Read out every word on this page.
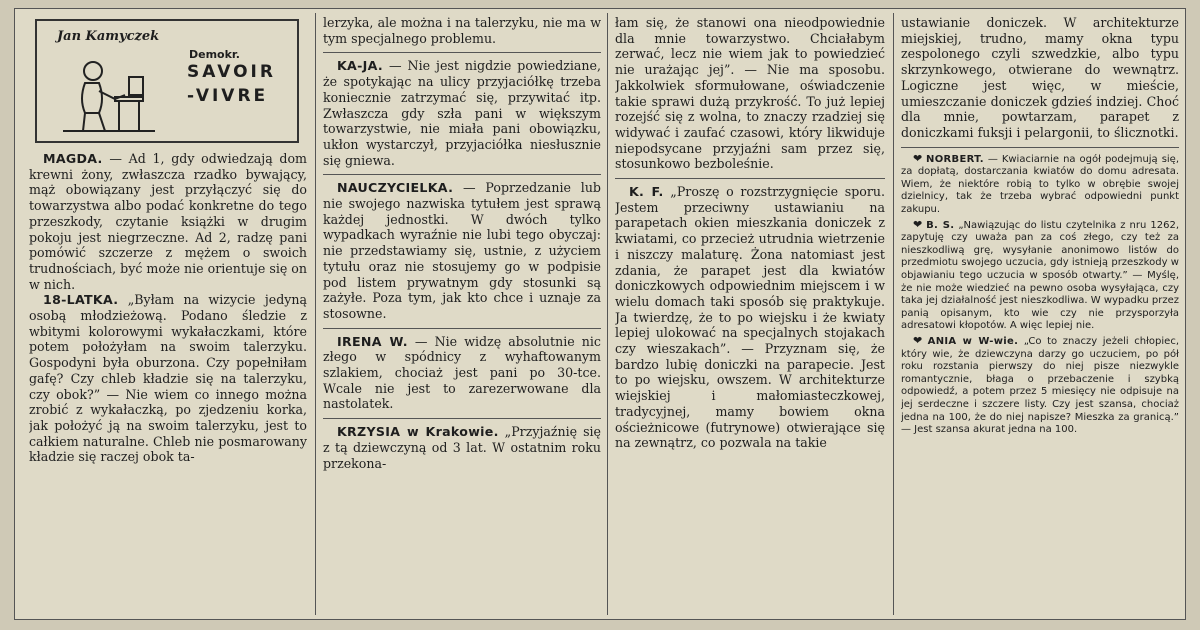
Jan Kamyczek
Demokr.
SAVOIR
-VIVRE

MAGDA. — Ad 1, gdy odwiedzają dom krewni żony, zwłaszcza rzadko bywający, mąż obowiązany jest przyłączyć się do towarzystwa albo podać konkretne do tego przeszkody, czytanie książki w drugim pokoju jest niegrzeczne. Ad 2, radzę pani pomówić szczerze z mężem o swoich trudnościach, być może nie orientuje się on w nich.

18-LATKA. „Byłam na wizycie jedyną osobą młodzieżową. Podano śledzie z wbitymi kolorowymi wykałaczkami, które potem położyłam na swoim talerzyku. Gospodyni była oburzona. Czy popełniłam gafę? Czy chleb kładzie się na talerzyku, czy obok?” — Nie wiem co innego można zrobić z wykałaczką, po zjedzeniu korka, jak położyć ją na swoim talerzyku, jest to całkiem naturalne. Chleb nie posmarowany kładzie się raczej obok ta-

lerzyka, ale można i na talerzyku, nie ma w tym specjalnego problemu.

KA-JA. — Nie jest nigdzie powiedziane, że spotykając na ulicy przyjaciółkę trzeba koniecznie zatrzymać się, przywitać itp. Zwłaszcza gdy szła pani w większym towarzystwie, nie miała pani obowiązku, ukłon wystarczył, przyjaciółka niesłusznie się gniewa.

NAUCZYCIELKA. — Poprzedzanie lub nie swojego nazwiska tytułem jest sprawą każdej jednostki. W dwóch tylko wypadkach wyraźnie nie lubi tego obyczaj: nie przedstawiamy się, ustnie, z użyciem tytułu oraz nie stosujemy go w podpisie pod listem prywatnym gdy stosunki są zażyłe. Poza tym, jak kto chce i uznaje za stosowne.

IRENA W. — Nie widzę absolutnie nic złego w spódnicy z wyhaftowanym szlakiem, chociaż jest pani po 30-tce. Wcale nie jest to zarezerwowane dla nastolatek.

KRZYSIA w Krakowie. „Przyjaźnię się z tą dziewczyną od 3 lat. W ostatnim roku przekona-

łam się, że stanowi ona nieodpowiednie dla mnie towarzystwo. Chciałabym zerwać, lecz nie wiem jak to powiedzieć nie urażając jej”. — Nie ma sposobu. Jakkolwiek sformułowane, oświadczenie takie sprawi dużą przykrość. To już lepiej rozejść się z wolna, to znaczy rzadziej się widywać i zaufać czasowi, który likwiduje niepodsycane przyjaźni sam przez się, stosunkowo bezboleśnie.

K. F. „Proszę o rozstrzygnięcie sporu. Jestem przeciwny ustawianiu na parapetach okien mieszkania doniczek z kwiatami, co przecież utrudnia wietrzenie i niszczy malaturę. Żona natomiast jest zdania, że parapet jest dla kwiatów doniczkowych odpowiednim miejscem i w wielu domach taki sposób się praktykuje. Ja twierdzę, że to po wiejsku i że kwiaty lepiej ulokować na specjalnych stojakach czy wieszakach”. — Przyznam się, że bardzo lubię doniczki na parapecie. Jest to po wiejsku, owszem. W architekturze wiejskiej i małomiasteczkowej, tradycyjnej, mamy bowiem okna ościeżnicowe (futrynowe) otwierające się na zewnątrz, co pozwala na takie

ustawianie doniczek. W architekturze miejskiej, trudno, mamy okna typu zespolonego czyli szwedzkie, albo typu skrzynkowego, otwierane do wewnątrz. Logiczne jest więc, w mieście, umieszczanie doniczek gdzieś indziej. Choć dla mnie, powtarzam, parapet z doniczkami fuksji i pelargonii, to ślicznotki.

❤ NORBERT. — Kwiaciarnie na ogół podejmują się, za dopłatą, dostarczania kwiatów do domu adresata. Wiem, że niektóre robią to tylko w obrębie swojej dzielnicy, tak że trzeba wybrać odpowiedni punkt zakupu.

❤ B. S. „Nawiązując do listu czytelnika z nru 1262, zapytuję czy uważa pan za coś złego, czy też za nieszkodliwą grę, wysyłanie anonimowo listów do przedmiotu swojego uczucia, gdy istnieją przeszkody w objawianiu tego uczucia w sposób otwarty.” — Myślę, że nie może wiedzieć na pewno osoba wysyłająca, czy taka jej działalność jest nieszkodliwa. W wypadku przez panią opisanym, kto wie czy nie przysporzyła adresatowi kłopotów. A więc lepiej nie.

❤ ANIA w W-wie. „Co to znaczy jeżeli chłopiec, który wie, że dziewczyna darzy go uczuciem, po pół roku rozstania pierwszy do niej pisze niezwykle romantycznie, błaga o przebaczenie i szybką odpowiedź, a potem przez 5 miesięcy nie odpisuje na jej serdeczne i szczere listy. Czy jest szansa, chociaż jedna na 100, że do niej napisze? Mieszka za granicą.” — Jest szansa akurat jedna na 100.
